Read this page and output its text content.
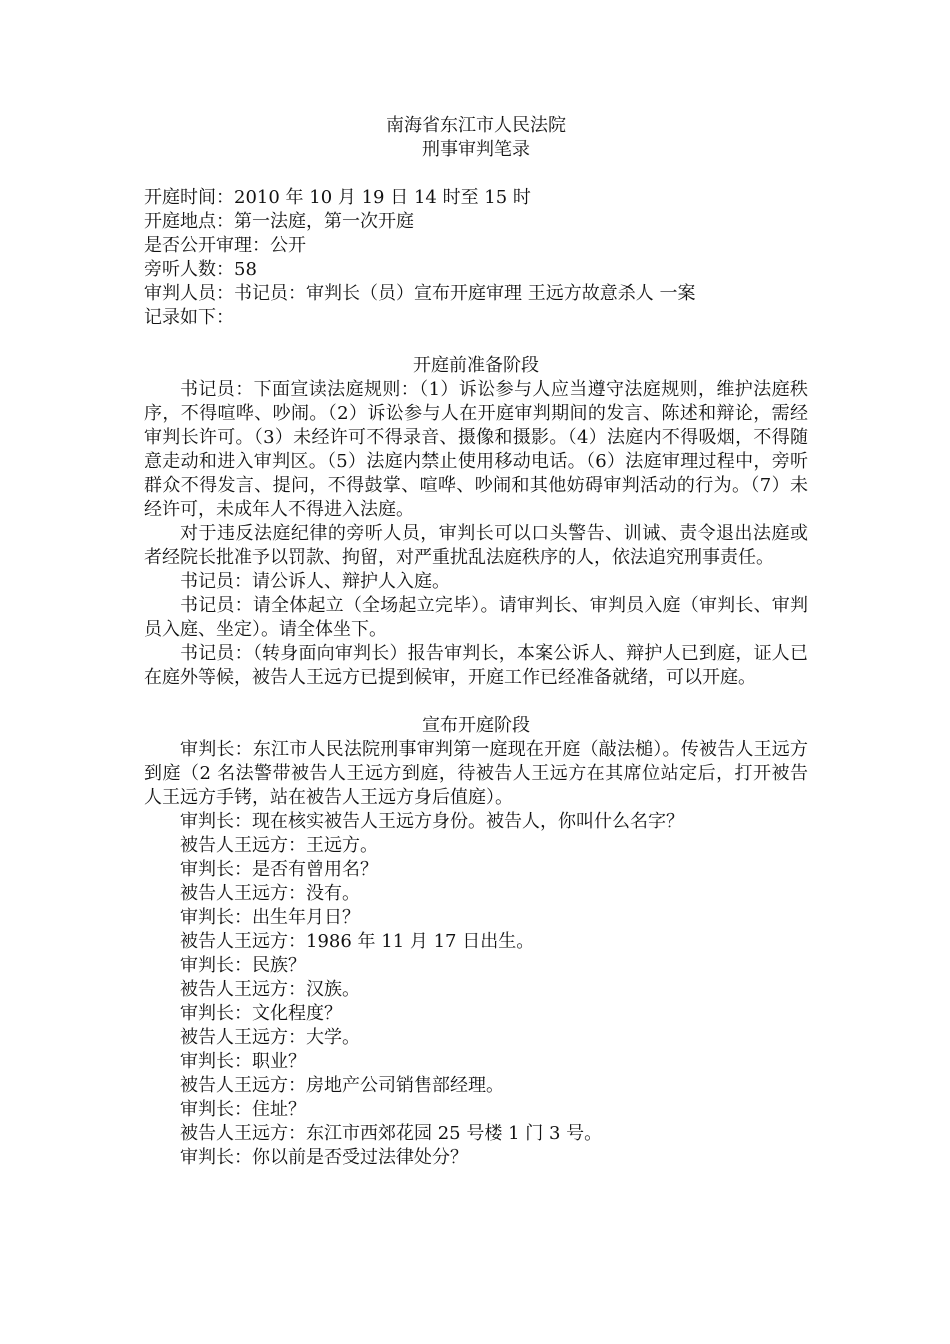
南海省东江市人民法院
刑事审判笔录
开庭时间：2010 年 10 月 19 日 14 时至 15 时
开庭地点：第一法庭，第一次开庭
是否公开审理：公开
旁听人数：58
审判人员：书记员：审判长（员）宣布开庭审理 王远方故意杀人 一案
记录如下：
开庭前准备阶段
书记员：下面宣读法庭规则：（1）诉讼参与人应当遵守法庭规则，维护法庭秩序，不得喧哗、吵闹。（2）诉讼参与人在开庭审判期间的发言、陈述和辩论，需经审判长许可。（3）未经许可不得录音、摄像和摄影。（4）法庭内不得吸烟，不得随意走动和进入审判区。（5）法庭内禁止使用移动电话。（6）法庭审理过程中，旁听群众不得发言、提问，不得鼓掌、喧哗、吵闹和其他妨碍审判活动的行为。（7）未经许可，未成年人不得进入法庭。
对于违反法庭纪律的旁听人员，审判长可以口头警告、训诫、责令退出法庭或者经院长批准予以罚款、拘留，对严重扰乱法庭秩序的人，依法追究刑事责任。
书记员：请公诉人、辩护人入庭。
书记员：请全体起立（全场起立完毕）。请审判长、审判员入庭（审判长、审判员入庭、坐定）。请全体坐下。
书记员：（转身面向审判长）报告审判长，本案公诉人、辩护人已到庭，证人已在庭外等候，被告人王远方已提到候审，开庭工作已经准备就绪，可以开庭。
宣布开庭阶段
审判长：东江市人民法院刑事审判第一庭现在开庭（敲法槌）。传被告人王远方到庭（2 名法警带被告人王远方到庭，待被告人王远方在其席位站定后，打开被告人王远方手铐，站在被告人王远方身后值庭）。
审判长：现在核实被告人王远方身份。被告人，你叫什么名字？
被告人王远方：王远方。
审判长：是否有曾用名？
被告人王远方：没有。
审判长：出生年月日？
被告人王远方：1986 年 11 月 17 日出生。
审判长：民族？
被告人王远方：汉族。
审判长：文化程度？
被告人王远方：大学。
审判长：职业？
被告人王远方：房地产公司销售部经理。
审判长：住址？
被告人王远方：东江市西郊花园 25 号楼 1 门 3 号。
审判长：你以前是否受过法律处分？
